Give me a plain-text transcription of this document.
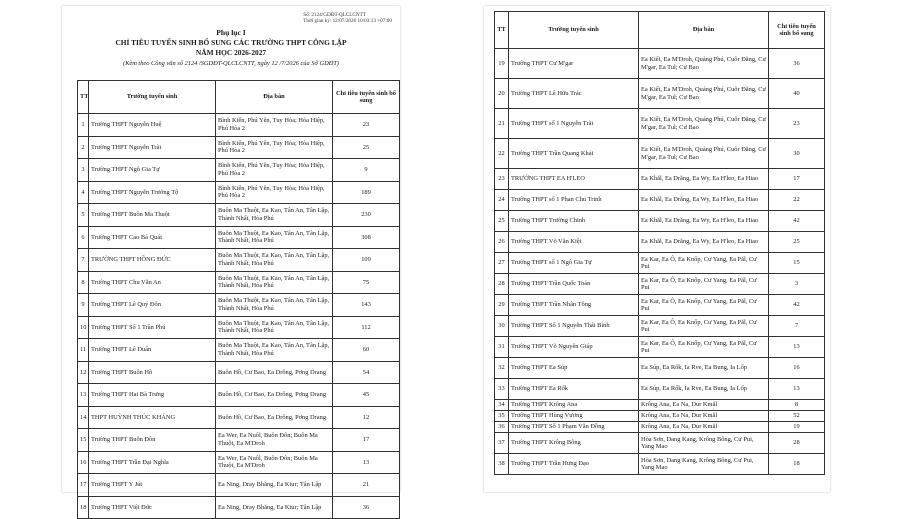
Số: 2124/GDĐT-QLCLCNTT
Thời gian ký: 12/07/2026 10:03:13 +07:00
Phụ lục I
CHỈ TIÊU TUYỂN SINH BỔ SUNG CÁC TRƯỜNG THPT CÔNG LẬP
NĂM HỌC 2026-2027
(Kèm theo Công văn số 2124 /SGDĐT-QLCLCNTT, ngày 12 /7/2026 của Sở GDĐT)
TT	Trường tuyển sinh	Địa bàn	Chỉ tiêu tuyển sinh bổ sung
1	Trường THPT Nguyễn Huệ	Bình Kiến, Phú Yên, Tuy Hòa; Hòa Hiệp, Phú Hòa 2	23
2	Trường THPT Nguyễn Trãi	Bình Kiến, Phú Yên, Tuy Hòa; Hòa Hiệp, Phú Hòa 2	25
3	Trường THPT Ngô Gia Tự	Bình Kiến, Phú Yên, Tuy Hòa; Hòa Hiệp, Phú Hòa 2	9
4	Trường THPT Nguyễn Trường Tộ	Bình Kiến, Phú Yên, Tuy Hòa; Hòa Hiệp, Phú Hòa 2	189
5	Trường THPT Buôn Ma Thuột	Buôn Ma Thuột, Ea Kao, Tân An, Tân Lập, Thành Nhất, Hòa Phú	230
6	Trường THPT Cao Bá Quát	Buôn Ma Thuột, Ea Kao, Tân An, Tân Lập, Thành Nhất, Hòa Phú	308
7	TRƯỜNG THPT HỒNG ĐỨC	Buôn Ma Thuột, Ea Kao, Tân An, Tân Lập, Thành Nhất, Hòa Phú	109
8	Trường THPT Chu Văn An	Buôn Ma Thuột, Ea Kao, Tân An, Tân Lập, Thành Nhất, Hòa Phú	75
9	Trường THPT Lê Quý Đôn	Buôn Ma Thuột, Ea Kao, Tân An, Tân Lập, Thành Nhất, Hòa Phú	143
10	Trường THPT Số 1 Trần Phú	Buôn Ma Thuột, Ea Kao, Tân An, Tân Lập, Thành Nhất, Hòa Phú	112
11	Trường THPT Lê Duẩn	Buôn Ma Thuột, Ea Kao, Tân An, Tân Lập, Thành Nhất, Hòa Phú	60
12	Trường THPT Buôn Hồ	Buôn Hồ, Cư Bao, Ea Drông, Pơng Drang	54
13	Trường THPT Hai Bà Trưng	Buôn Hồ, Cư Bao, Ea Drông, Pơng Drang	45
14	THPT HUỲNH THÚC KHÁNG	Buôn Hồ, Cư Bao, Ea Drông, Pơng Drang	12
15	Trường THPT Buôn Đôn	Ea Wer, Ea Nuôl, Buôn Đôn; Buôn Ma Thuột, Ea M'Droh	17
16	Trường THPT Trần Đại Nghĩa	Ea Wer, Ea Nuôl, Buôn Đôn; Buôn Ma Thuột, Ea M'Droh	13
17	Trường THPT Y Jút	Ea Ning, Dray Bhăng, Ea Ktur; Tân Lập	21
18	Trường THPT Việt Đức	Ea Ning, Dray Bhăng, Ea Ktur; Tân Lập	36
TT	Trường tuyển sinh	Địa bàn	Chỉ tiêu tuyển sinh bổ sung
19	Trường THPT Cư M'gar	Ea Kiết, Ea M'Droh, Quảng Phú, Cuôr Đăng, Cư M'gar, Ea Tul; Cư Bao	36
20	Trường THPT Lê Hữu Trác	Ea Kiết, Ea M'Droh, Quảng Phú, Cuôr Đăng, Cư M'gar, Ea Tul; Cư Bao	40
21	Trường THPT số 1 Nguyễn Trãi	Ea Kiết, Ea M'Droh, Quảng Phú, Cuôr Đăng, Cư M'gar, Ea Tul; Cư Bao	23
22	Trường THPT Trần Quang Khải	Ea Kiết, Ea M'Droh, Quảng Phú, Cuôr Đăng, Cư M'gar, Ea Tul; Cư Bao	30
23	TRƯỜNG THPT EA H'LEO	Ea Khăl, Ea Drăng, Ea Wy, Ea H'leo, Ea Hiao	17
24	Trường THPT số 1 Phan Chu Trinh	Ea Khăl, Ea Drăng, Ea Wy, Ea H'leo, Ea Hiao	22
25	Trường THPT Trường Chinh	Ea Khăl, Ea Drăng, Ea Wy, Ea H'leo, Ea Hiao	42
26	Trường THPT Võ Văn Kiệt	Ea Khăl, Ea Drăng, Ea Wy, Ea H'leo, Ea Hiao	25
27	Trường THPT số 1 Ngô Gia Tự	Ea Kar, Ea Ô, Ea Knốp, Cư Yang, Ea Păl, Cư Pui	15
28	Trường THPT Trần Quốc Toản	Ea Kar, Ea Ô, Ea Knốp, Cư Yang, Ea Păl, Cư Pui	3
29	Trường THPT Trần Nhân Tông	Ea Kar, Ea Ô, Ea Knốp, Cư Yang, Ea Păl, Cư Pui	42
30	Trường THPT Số 1 Nguyễn Thái Bình	Ea Kar, Ea Ô, Ea Knốp, Cư Yang, Ea Păl, Cư Pui	7
31	Trường THPT Võ Nguyên Giáp	Ea Kar, Ea Ô, Ea Knốp, Cư Yang, Ea Păl, Cư Pui	13
32	Trường THPT Ea Súp	Ea Súp, Ea Rốk, Ia Rve, Ea Bung, Ia Lốp	16
33	Trường THPT Ea Rốk	Ea Súp, Ea Rốk, Ia Rve, Ea Bung, Ia Lốp	13
34	Trường THPT Krông Ana	Krông Ana, Ea Na, Dur Kmăl	8
35	Trường THPT Hùng Vương	Krông Ana, Ea Na, Dur Kmăl	52
36	Trường THPT Số 1 Phạm Văn Đồng	Krông Ana, Ea Na, Dur Kmăl	19
37	Trường THPT Krông Bông	Hòa Sơn, Dang Kang, Krông Bông, Cư Pui, Yang Mao	28
38	Trường THPT Trần Hưng Đạo	Hòa Sơn, Dang Kang, Krông Bông, Cư Pui, Yang Mao	18
